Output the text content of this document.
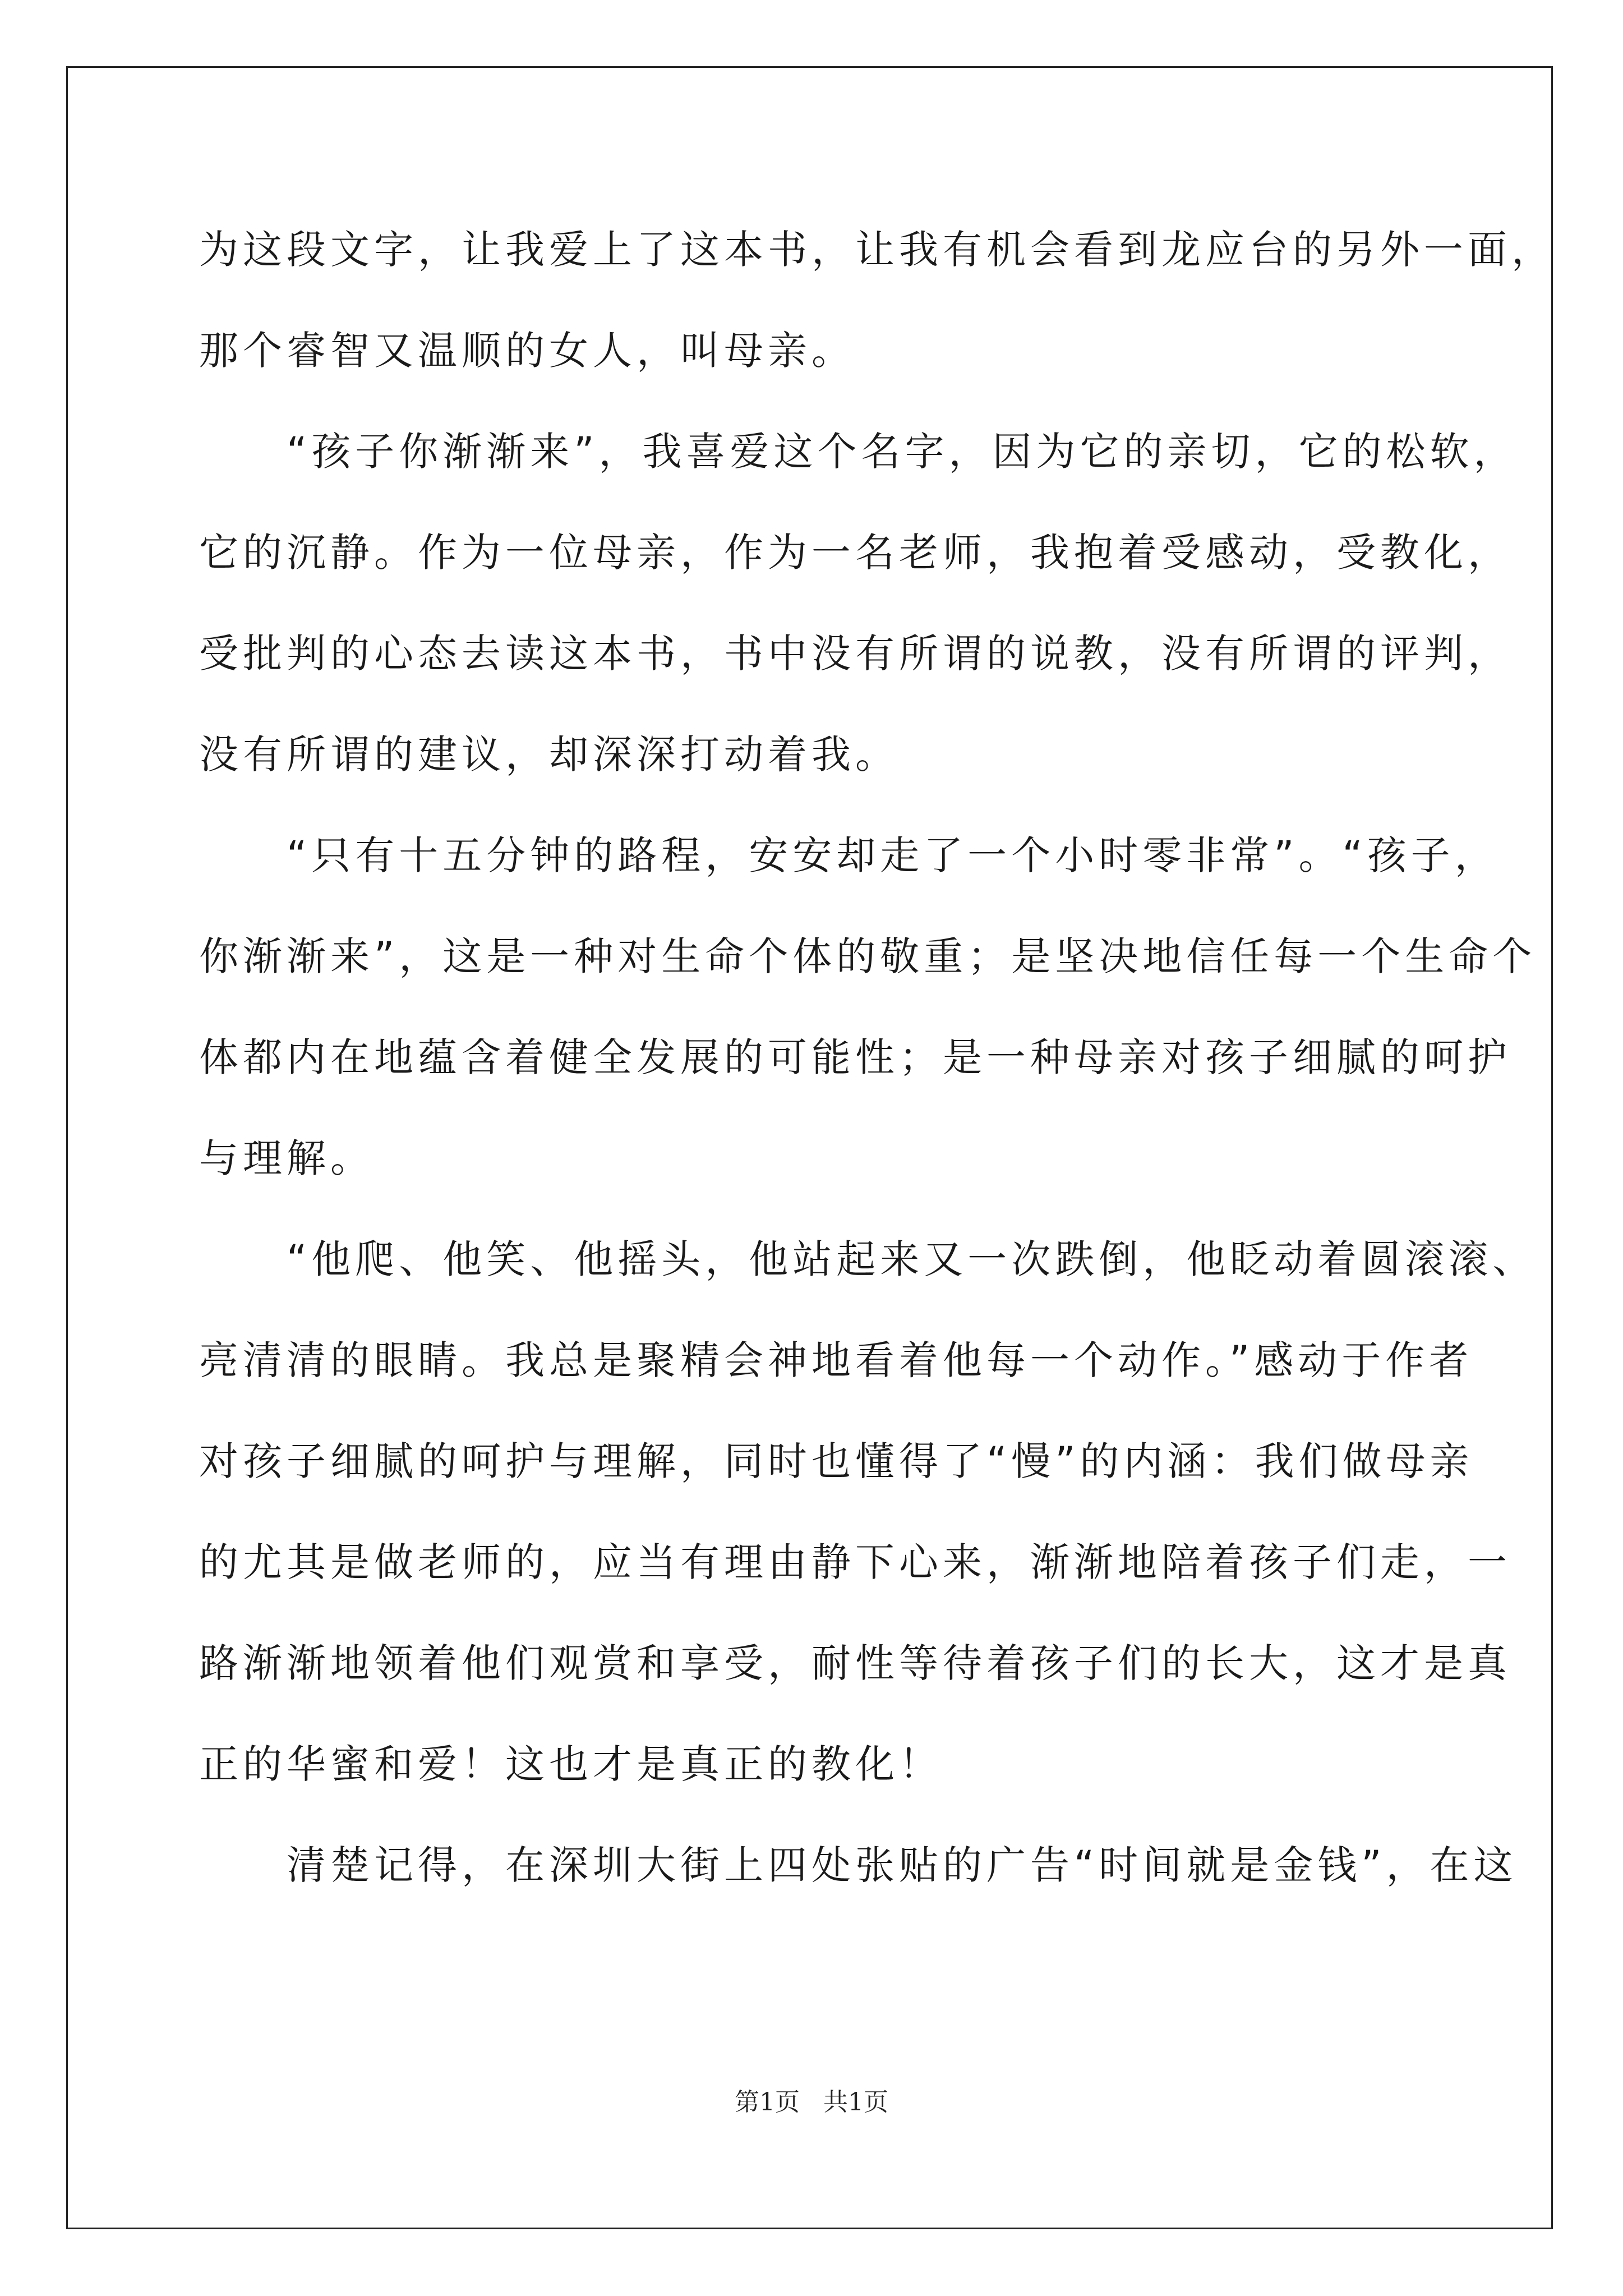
为这段文字，让我爱上了这本书，让我有机会看到龙应台的另外一面，
那个睿智又温顺的女人，叫母亲。
　　“孩子你渐渐来”，我喜爱这个名字，因为它的亲切，它的松软，
它的沉静。作为一位母亲，作为一名老师，我抱着受感动，受教化，
受批判的心态去读这本书，书中没有所谓的说教，没有所谓的评判，
没有所谓的建议，却深深打动着我。
　　“只有十五分钟的路程，安安却走了一个小时零非常”。“孩子，
你渐渐来”，这是一种对生命个体的敬重；是坚决地信任每一个生命个
体都内在地蕴含着健全发展的可能性；是一种母亲对孩子细腻的呵护
与理解。
　　“他爬、他笑、他摇头，他站起来又一次跌倒，他眨动着圆滚滚、
亮清清的眼睛。我总是聚精会神地看着他每一个动作。”感动于作者
对孩子细腻的呵护与理解，同时也懂得了“慢”的内涵：我们做母亲
的尤其是做老师的，应当有理由静下心来，渐渐地陪着孩子们走，一
路渐渐地领着他们观赏和享受，耐性等待着孩子们的长大，这才是真
正的华蜜和爱！这也才是真正的教化！
　　清楚记得，在深圳大街上四处张贴的广告“时间就是金钱”，在这
第1页 共1页
